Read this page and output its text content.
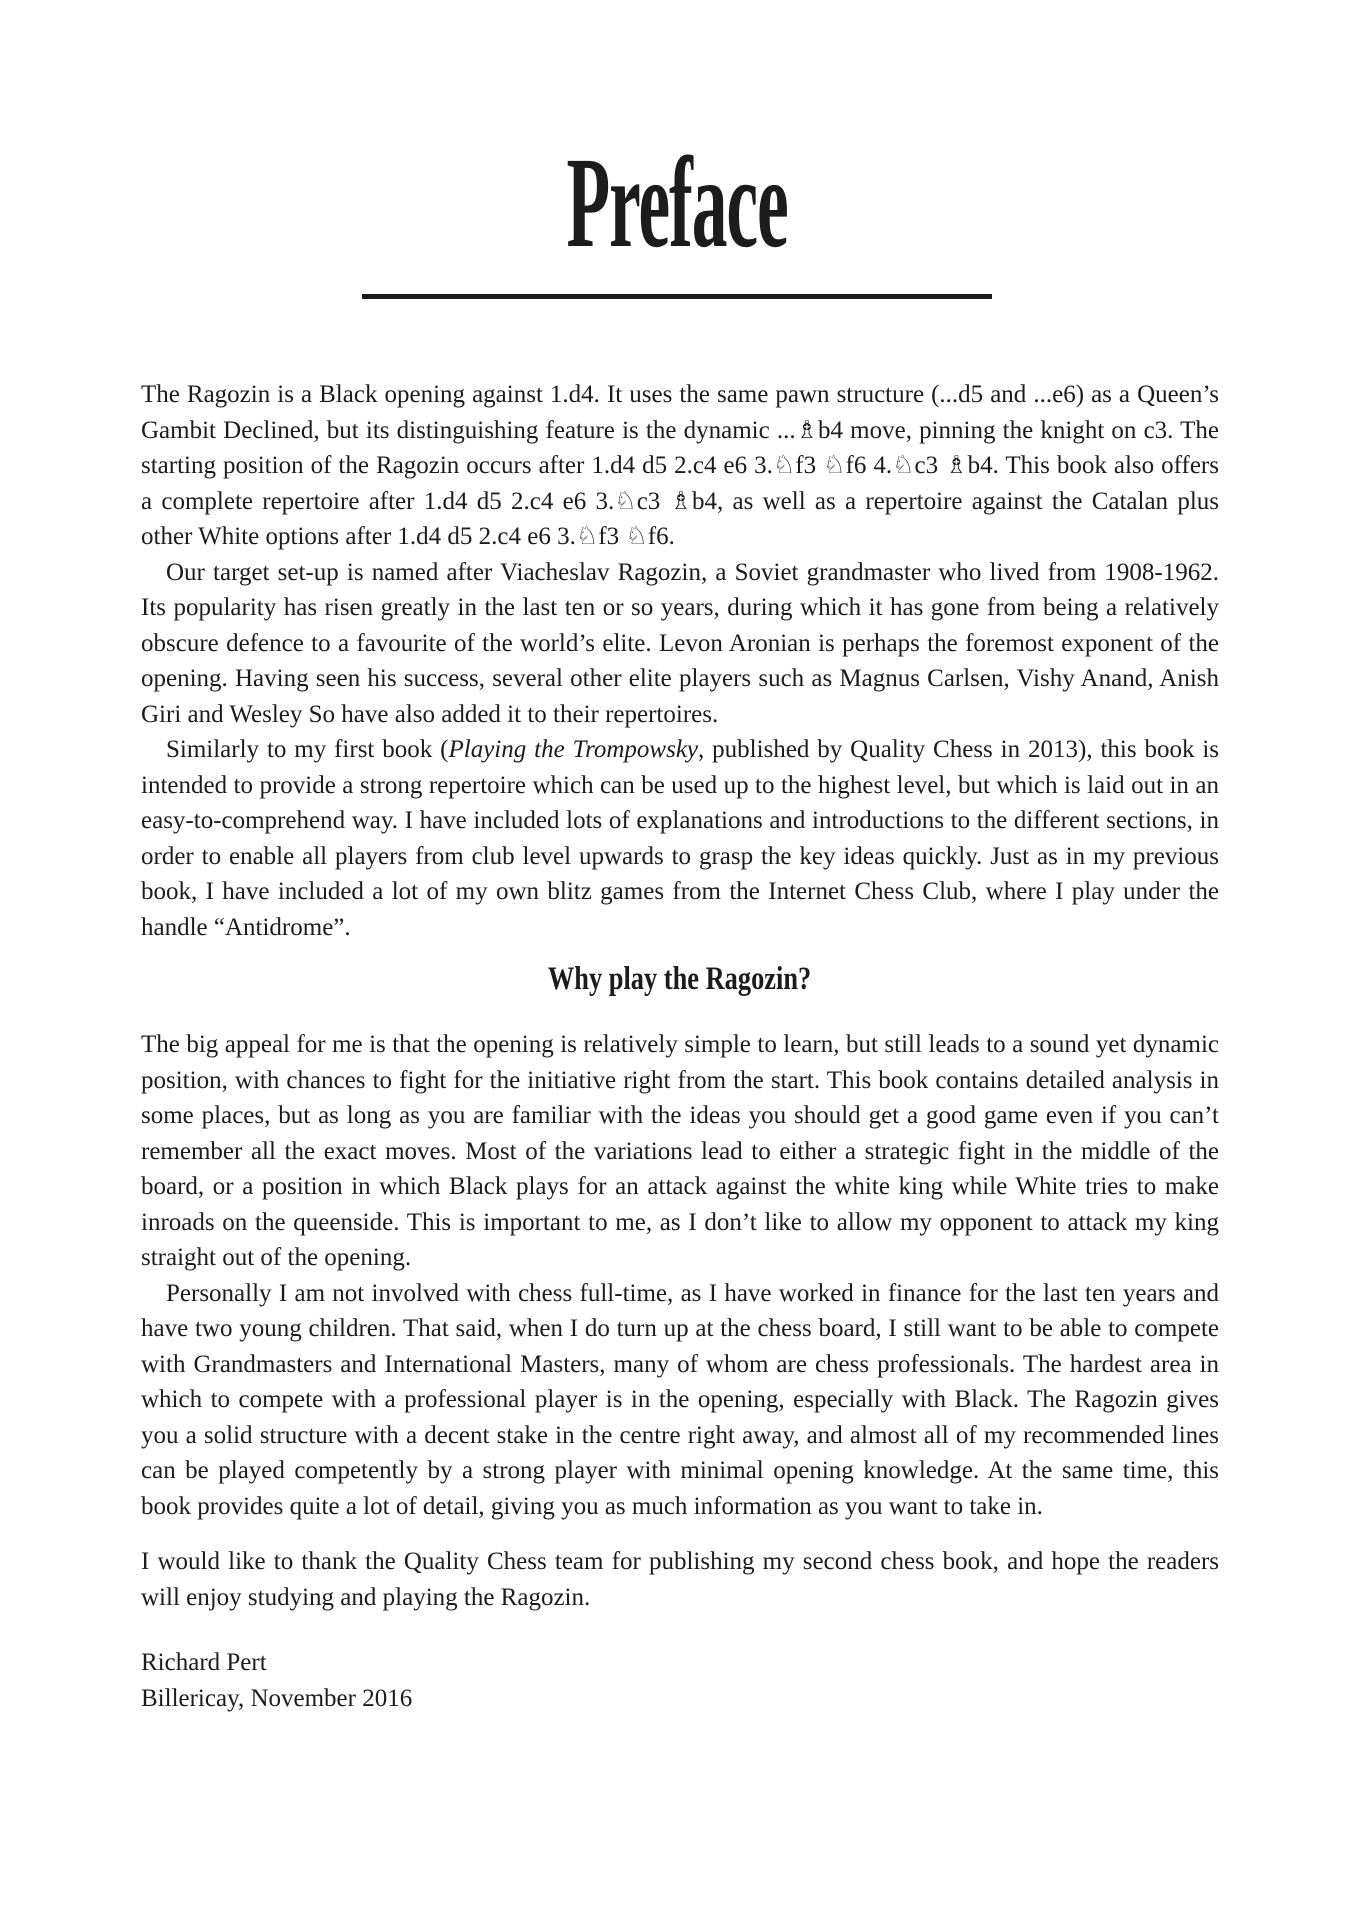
Preface

The Ragozin is a Black opening against 1.d4. It uses the same pawn structure (...d5 and ...e6) as a Queen’s Gambit Declined, but its distinguishing feature is the dynamic ...♗b4 move, pinning the knight on c3. The starting position of the Ragozin occurs after 1.d4 d5 2.c4 e6 3.♘f3 ♘f6 4.♘c3 ♗b4. This book also offers a complete repertoire after 1.d4 d5 2.c4 e6 3.♘c3 ♗b4, as well as a repertoire against the Catalan plus other White options after 1.d4 d5 2.c4 e6 3.♘f3 ♘f6.

Our target set-up is named after Viacheslav Ragozin, a Soviet grandmaster who lived from 1908-1962. Its popularity has risen greatly in the last ten or so years, during which it has gone from being a relatively obscure defence to a favourite of the world’s elite. Levon Aronian is perhaps the foremost exponent of the opening. Having seen his success, several other elite players such as Magnus Carlsen, Vishy Anand, Anish Giri and Wesley So have also added it to their repertoires.

Similarly to my first book (Playing the Trompowsky, published by Quality Chess in 2013), this book is intended to provide a strong repertoire which can be used up to the highest level, but which is laid out in an easy-to-comprehend way. I have included lots of explanations and introductions to the different sections, in order to enable all players from club level upwards to grasp the key ideas quickly. Just as in my previous book, I have included a lot of my own blitz games from the Internet Chess Club, where I play under the handle “Antidrome”.

Why play the Ragozin?

The big appeal for me is that the opening is relatively simple to learn, but still leads to a sound yet dynamic position, with chances to fight for the initiative right from the start. This book contains detailed analysis in some places, but as long as you are familiar with the ideas you should get a good game even if you can’t remember all the exact moves. Most of the variations lead to either a strategic fight in the middle of the board, or a position in which Black plays for an attack against the white king while White tries to make inroads on the queenside. This is important to me, as I don’t like to allow my opponent to attack my king straight out of the opening.

Personally I am not involved with chess full-time, as I have worked in finance for the last ten years and have two young children. That said, when I do turn up at the chess board, I still want to be able to compete with Grandmasters and International Masters, many of whom are chess professionals. The hardest area in which to compete with a professional player is in the opening, especially with Black. The Ragozin gives you a solid structure with a decent stake in the centre right away, and almost all of my recommended lines can be played competently by a strong player with minimal opening knowledge. At the same time, this book provides quite a lot of detail, giving you as much information as you want to take in.

I would like to thank the Quality Chess team for publishing my second chess book, and hope the readers will enjoy studying and playing the Ragozin.

Richard Pert
Billericay, November 2016
